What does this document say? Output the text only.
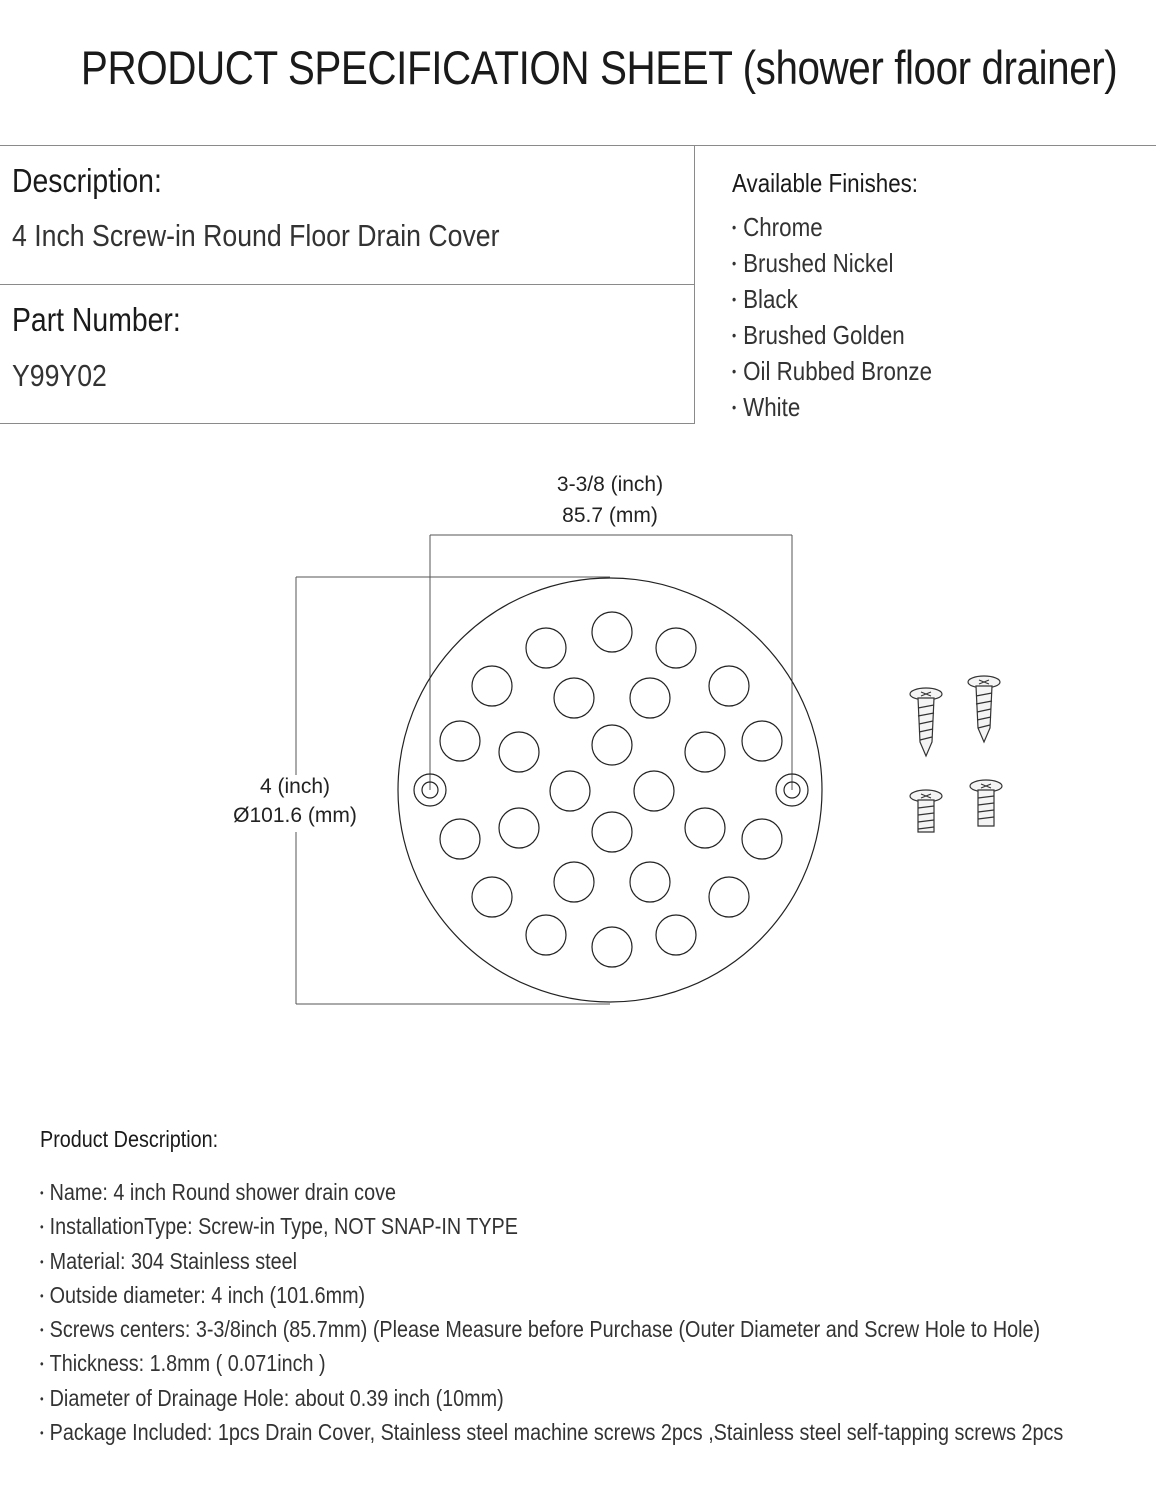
PRODUCT SPECIFICATION SHEET (shower floor drainer)
Description:
4 Inch Screw-in Round Floor Drain Cover
Part Number:
Y99Y02
Available Finishes:
• Chrome
• Brushed Nickel
• Black
• Brushed Golden
• Oil Rubbed Bronze
• White
3-3/8 (inch)
85.7 (mm)
4 (inch)
Ø101.6 (mm)
Product Description:
• Name: 4 inch Round shower drain cove
• InstallationType: Screw-in Type, NOT SNAP-IN TYPE
• Material: 304 Stainless steel
• Outside diameter: 4 inch (101.6mm)
• Screws centers: 3-3/8inch (85.7mm) (Please Measure before Purchase (Outer Diameter and Screw Hole to Hole)
• Thickness: 1.8mm ( 0.071inch )
• Diameter of Drainage Hole: about 0.39 inch (10mm)
• Package Included: 1pcs Drain Cover, Stainless steel machine screws 2pcs ,Stainless steel self-tapping screws 2pcs
